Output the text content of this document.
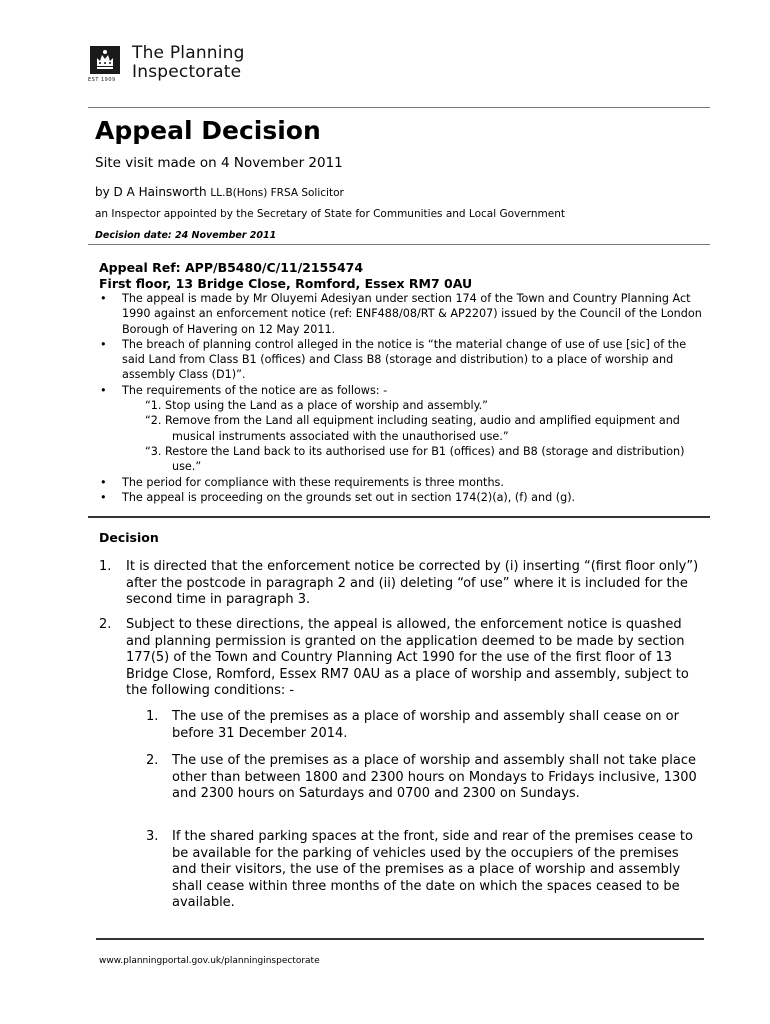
EST 1909
The Planning
Inspectorate
Appeal Decision
Site visit made on 4 November 2011
by D A Hainsworth LL.B(Hons) FRSA Solicitor
an Inspector appointed by the Secretary of State for Communities and Local Government
Decision date: 24 November 2011
Appeal Ref: APP/B5480/C/11/2155474
First floor, 13 Bridge Close, Romford, Essex RM7 0AU
• The appeal is made by Mr Oluyemi Adesiyan under section 174 of the Town and Country Planning Act 1990 against an enforcement notice (ref: ENF488/08/RT & AP2207) issued by the Council of the London Borough of Havering on 12 May 2011.
• The breach of planning control alleged in the notice is “the material change of use of use [sic] of the said Land from Class B1 (offices) and Class B8 (storage and distribution) to a place of worship and assembly Class (D1)”.
• The requirements of the notice are as follows: -
“1. Stop using the Land as a place of worship and assembly.”
“2. Remove from the Land all equipment including seating, audio and amplified equipment and musical instruments associated with the unauthorised use.”
“3. Restore the Land back to its authorised use for B1 (offices) and B8 (storage and distribution) use.”
• The period for compliance with these requirements is three months.
• The appeal is proceeding on the grounds set out in section 174(2)(a), (f) and (g).
Decision
1. It is directed that the enforcement notice be corrected by (i) inserting “(first floor only”) after the postcode in paragraph 2 and (ii) deleting “of use” where it is included for the second time in paragraph 3.
2. Subject to these directions, the appeal is allowed, the enforcement notice is quashed and planning permission is granted on the application deemed to be made by section 177(5) of the Town and Country Planning Act 1990 for the use of the first floor of 13 Bridge Close, Romford, Essex RM7 0AU as a place of worship and assembly, subject to the following conditions: -
1. The use of the premises as a place of worship and assembly shall cease on or before 31 December 2014.
2. The use of the premises as a place of worship and assembly shall not take place other than between 1800 and 2300 hours on Mondays to Fridays inclusive, 1300 and 2300 hours on Saturdays and 0700 and 2300 on Sundays.
3. If the shared parking spaces at the front, side and rear of the premises cease to be available for the parking of vehicles used by the occupiers of the premises and their visitors, the use of the premises as a place of worship and assembly shall cease within three months of the date on which the spaces ceased to be available.
www.planningportal.gov.uk/planninginspectorate
